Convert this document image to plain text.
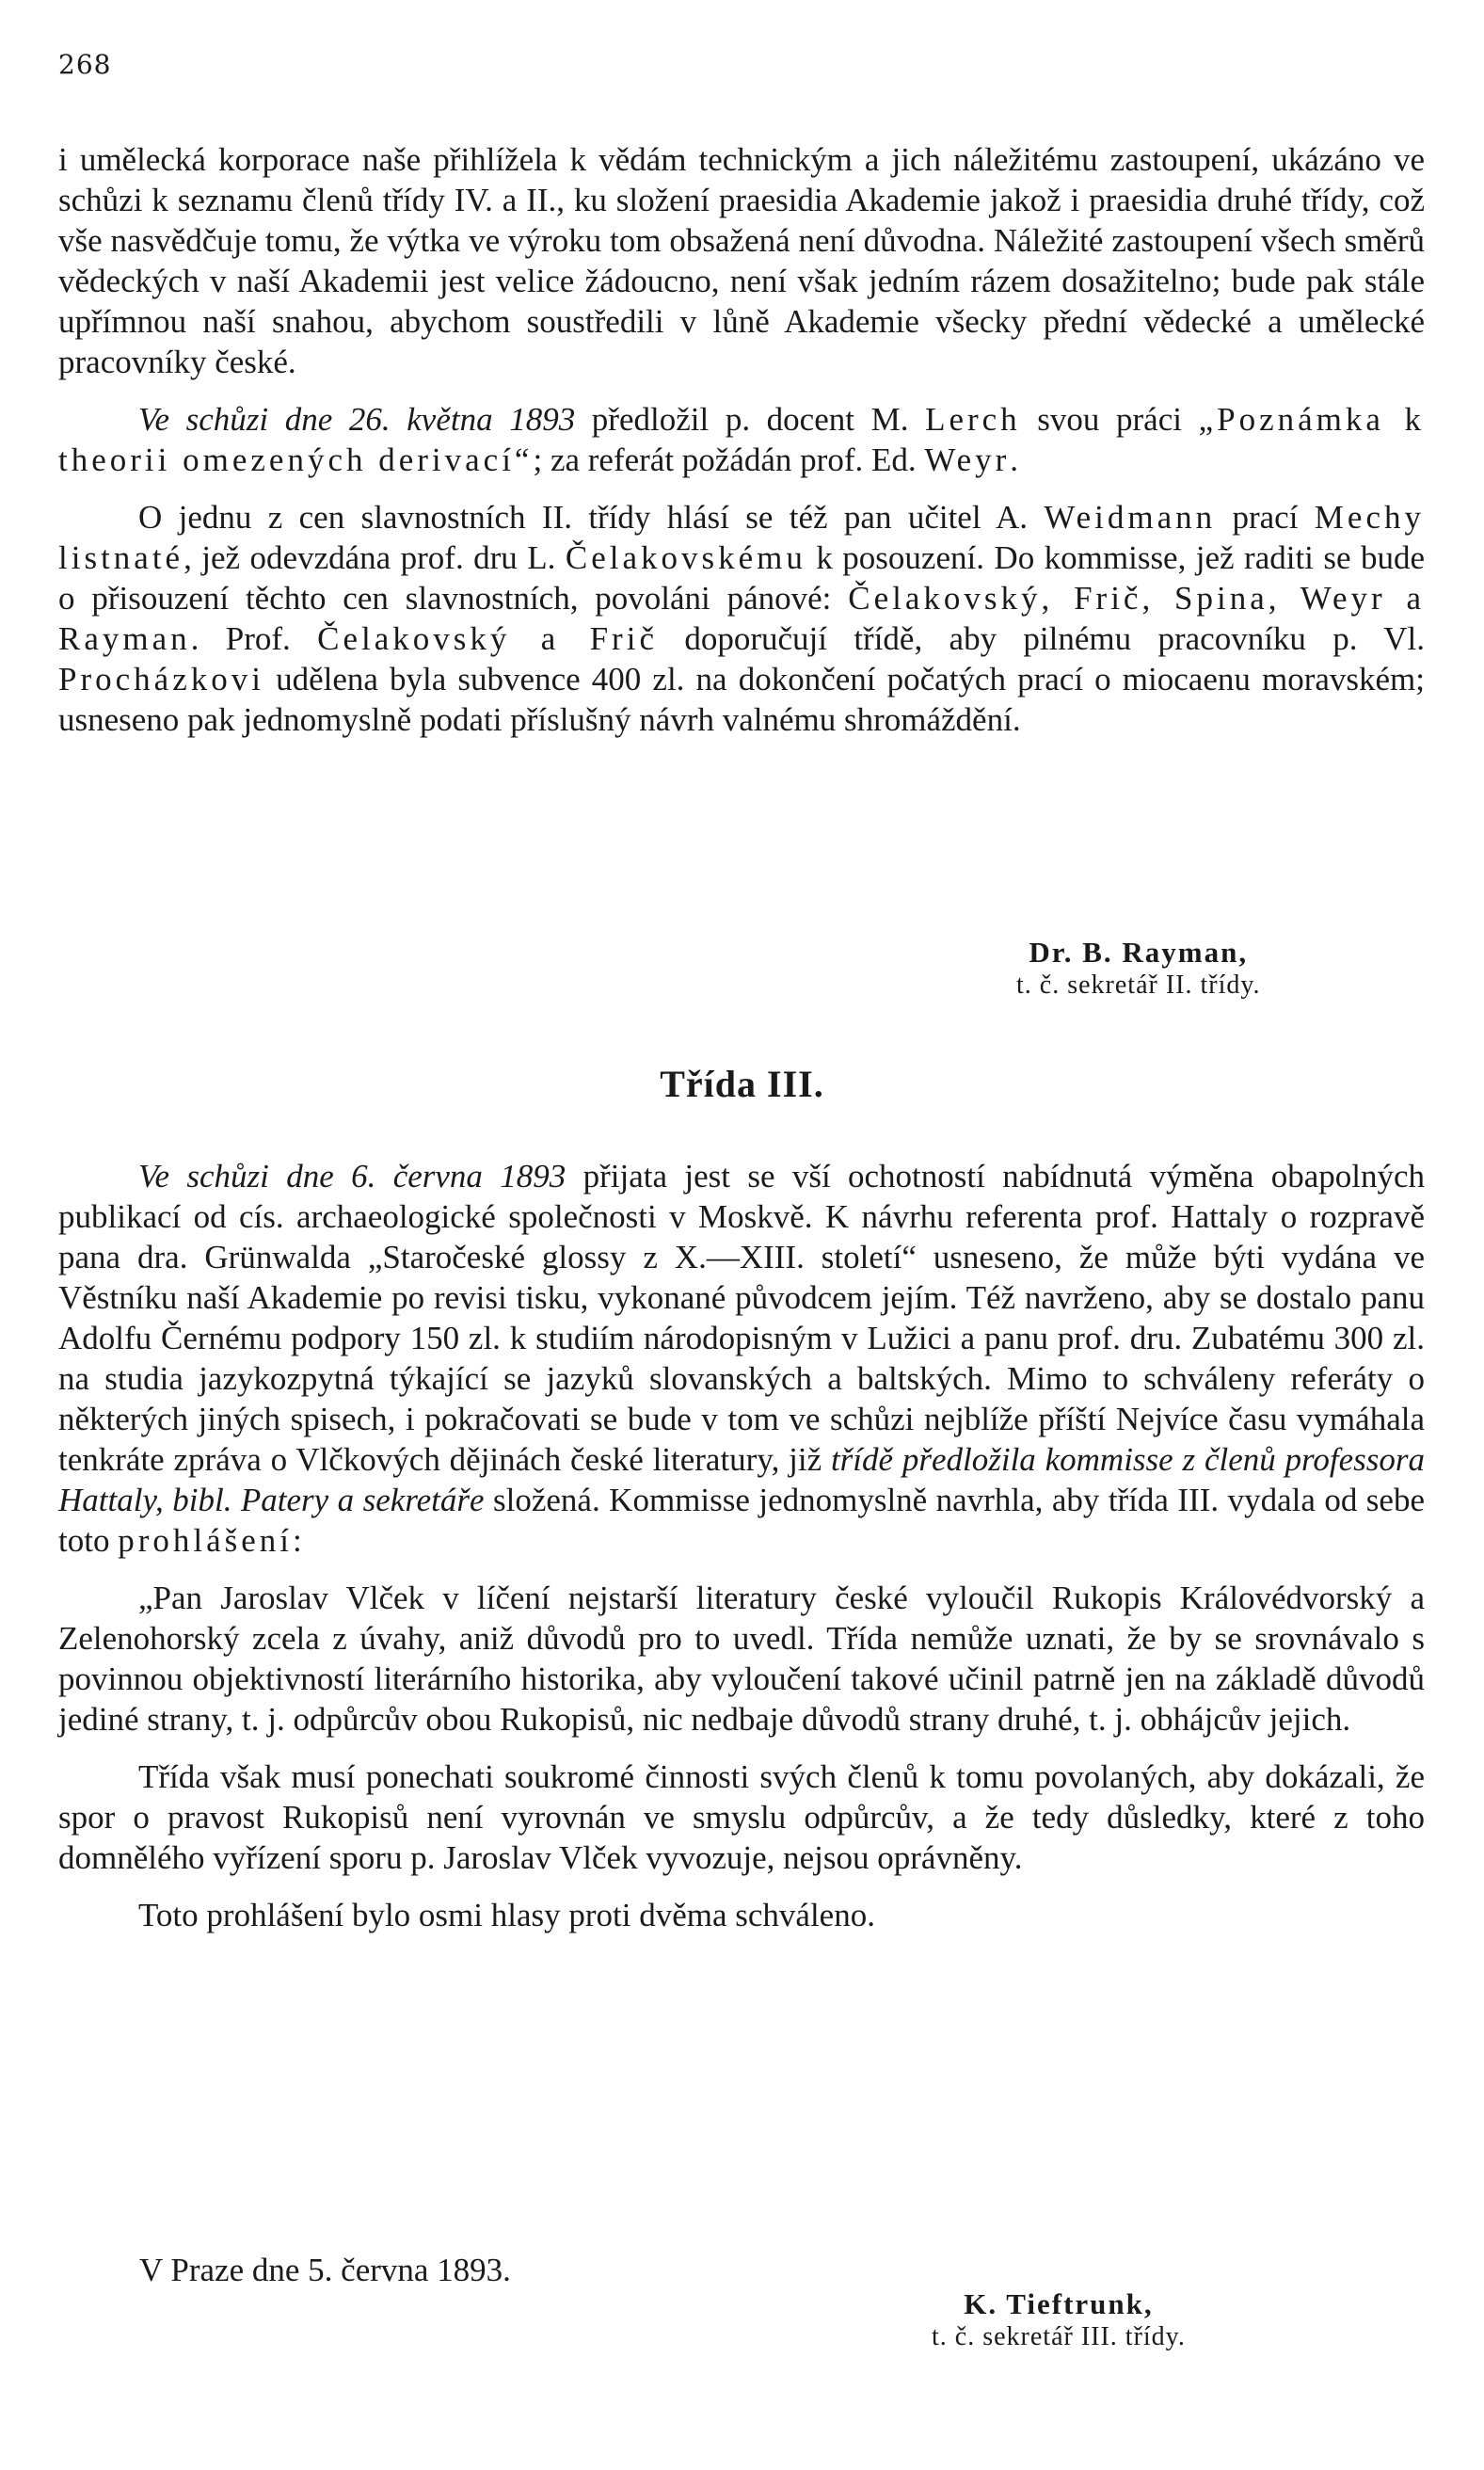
268

i umělecká korporace naše přihlížela k vědám technickým a jich náležitému zastoupení, ukázáno ve schůzi k seznamu členů třídy IV. a II., ku složení praesidia Akademie jakož i praesidia druhé třídy, což vše nasvědčuje tomu, že výtka ve výroku tom obsažená není důvodna. Náležité zastoupení všech směrů vědeckých v naší Akademii jest velice žádoucno, není však jedním rázem dosažitelno; bude pak stále upřímnou naší snahou, abychom soustředili v lůně Akademie všecky přední vědecké a umělecké pracovníky české.

Ve schůzi dne 26. května 1893 předložil p. docent M. Lerch svou práci „Poznámka k theorii omezených derivací“; za referát požádán prof. Ed. Weyr.

O jednu z cen slavnostních II. třídy hlásí se též pan učitel A. Weidmann prací Mechy listnaté, jež odevzdána prof. dru L. Čelakovskému k posouzení. Do kommisse, jež raditi se bude o přisouzení těchto cen slavnostních, povoláni pánové: Čelakovský, Frič, Spina, Weyr a Rayman. Prof. Čelakovský a Frič doporučují třídě, aby pilnému pracovníku p. Vl. Procházkovi udělena byla subvence 400 zl. na dokončení počatých prací o miocaenu moravském; usneseno pak jednomyslně podati příslušný návrh valnému shromáždění.

Dr. B. Rayman,
t. č. sekretář II. třídy.
Třída III.

Ve schůzi dne 6. června 1893 přijata jest se vší ochotností nabídnutá výměna obapolných publikací od cís. archaeologické společnosti v Moskvě. K návrhu referenta prof. Hattaly o rozpravě pana dra. Grünwalda „Staročeské glossy z X.—XIII. století“ usneseno, že může býti vydána ve Věstníku naší Akademie po revisi tisku, vykonané původcem jejím. Též navrženo, aby se dostalo panu Adolfu Černému podpory 150 zl. k studiím národopisným v Lužici a panu prof. dru. Zubatému 300 zl. na studia jazykozpytná týkající se jazyků slovanských a baltských. Mimo to schváleny referáty o některých jiných spisech, i pokračovati se bude v tom ve schůzi nejblíže příští Nejvíce času vymáhala tenkráte zpráva o Vlčkových dějinách české literatury, již třídě předložila kommisse z členů professora Hattaly, bibl. Patery a sekretáře složená. Kommisse jednomyslně navrhla, aby třída III. vydala od sebe toto prohlášení:

„Pan Jaroslav Vlček v líčení nejstarší literatury české vyloučil Rukopis Královédvorský a Zelenohorský zcela z úvahy, aniž důvodů pro to uvedl. Třída nemůže uznati, že by se srovnávalo s povinnou objektivností literárního historika, aby vyloučení takové učinil patrně jen na základě důvodů jediné strany, t. j. odpůrcův obou Rukopisů, nic nedbaje důvodů strany druhé, t. j. obhájcův jejich.

Třída však musí ponechati soukromé činnosti svých členů k tomu povolaných, aby dokázali, že spor o pravost Rukopisů není vyrovnán ve smyslu odpůrcův, a že tedy důsledky, které z toho domnělého vyřízení sporu p. Jaroslav Vlček vyvozuje, nejsou oprávněny.

Toto prohlášení bylo osmi hlasy proti dvěma schváleno.

V Praze dne 5. června 1893.
K. Tieftrunk,
t. č. sekretář III. třídy.
